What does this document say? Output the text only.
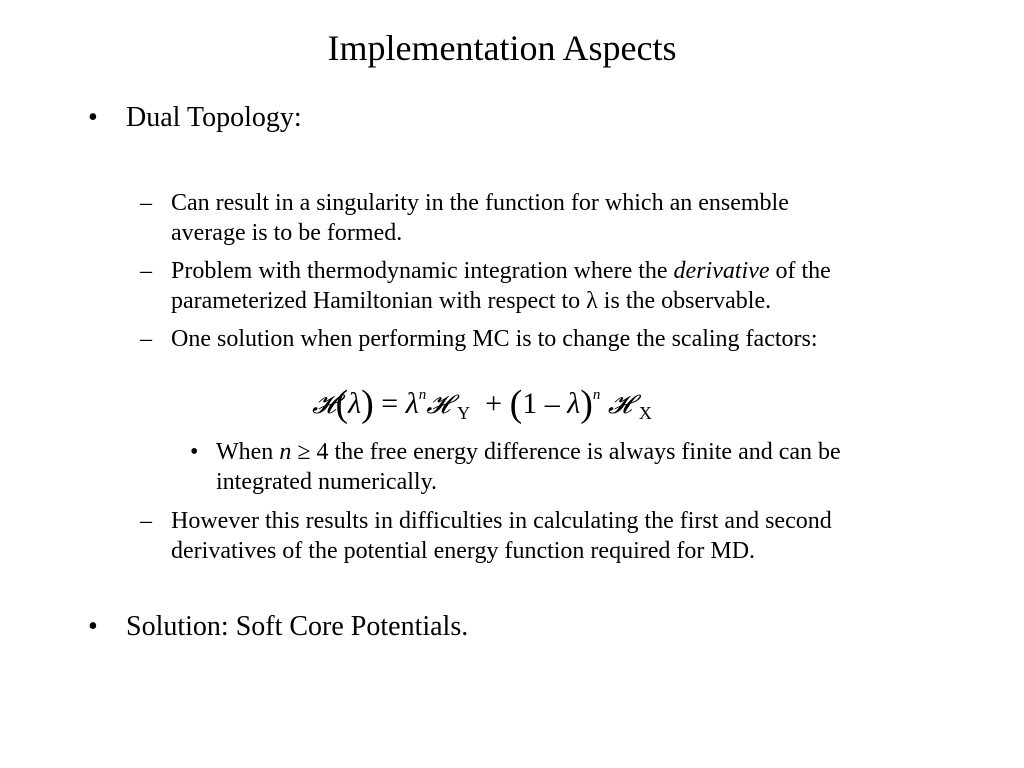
Implementation Aspects
• Dual Topology:
– Can result in a singularity in the function for which an ensemble
average is to be formed.
– Problem with thermodynamic integration where the derivative of the
parameterized Hamiltonian with respect to λ is the observable.
– One solution when performing MC is to change the scaling factors:
𝓗(λ) = $\lambda^n𝓗$ $_Y$ + (1 – λ)$^n$ 𝓗 $_X$
• When n ≥ 4 the free energy difference is always finite and can be
integrated numerically.
– However this results in difficulties in calculating the first and second
derivatives of the potential energy function required for MD.
• Solution: Soft Core Potentials.
